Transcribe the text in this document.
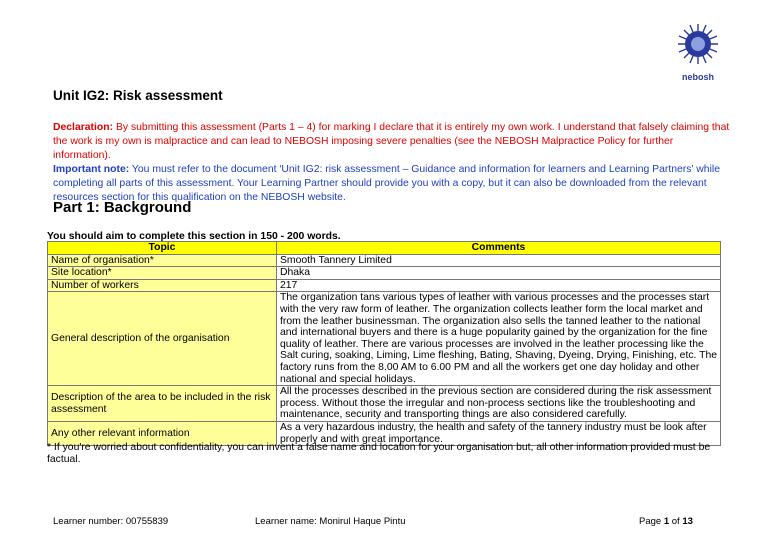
nebosh
Unit IG2: Risk assessment
Declaration: By submitting this assessment (Parts 1 – 4) for marking I declare that it is entirely my own work. I understand that falsely claiming that the work is my own is malpractice and can lead to NEBOSH imposing severe penalties (see the NEBOSH Malpractice Policy for further information).
Important note: You must refer to the document 'Unit IG2: risk assessment – Guidance and information for learners and Learning Partners' while completing all parts of this assessment. Your Learning Partner should provide you with a copy, but it can also be downloaded from the relevant resources section for this qualification on the NEBOSH website.
Part 1: Background
You should aim to complete this section in 150 - 200 words.
Topic	Comments
Name of organisation*	Smooth Tannery Limited
Site location*	Dhaka
Number of workers	217
General description of the organisation	The organization tans various types of leather with various processes and the processes start with the very raw form of leather. The organization collects leather form the local market and from the leather businessman. The organization also sells the tanned leather to the national and international buyers and there is a huge popularity gained by the organization for the fine quality of leather. There are various processes are involved in the leather processing like the Salt curing, soaking, Liming, Lime fleshing, Bating, Shaving, Dyeing, Drying, Finishing, etc. The factory runs from the 8.00 AM to 6.00 PM and all the workers get one day holiday and other national and special holidays.
Description of the area to be included in the risk assessment	All the processes described in the previous section are considered during the risk assessment process. Without those the irregular and non-process sections like the troubleshooting and maintenance, security and transporting things are also considered carefully.
Any other relevant information	As a very hazardous industry, the health and safety of the tannery industry must be look after properly and with great importance.
* If you're worried about confidentiality, you can invent a false name and location for your organisation but, all other information provided must be factual.
Learner number: 00755839	Learner name: Monirul Haque Pintu	Page 1 of 13
